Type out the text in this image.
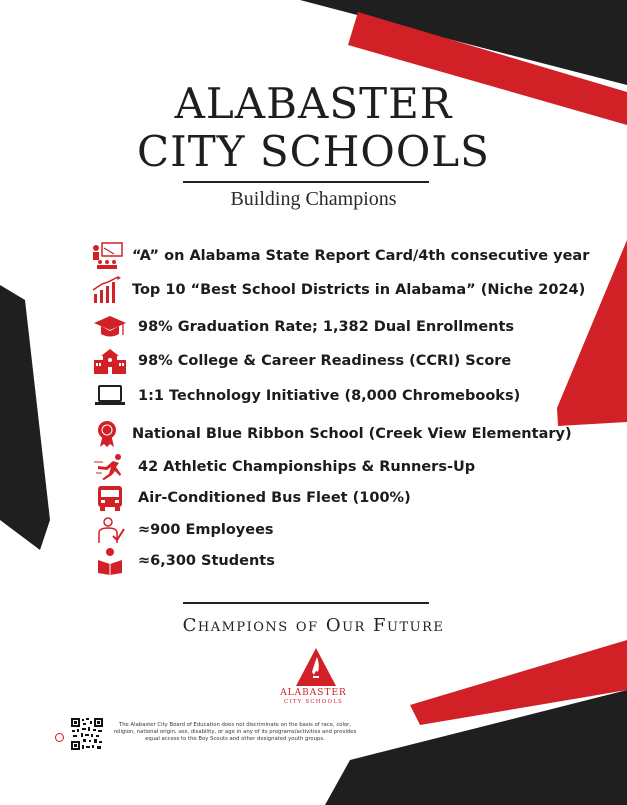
ALABASTER
CITY SCHOOLS
Building Champions
“A” on Alabama State Report Card/4th consecutive year
Top 10 “Best School Districts in Alabama” (Niche 2024)
98% Graduation Rate; 1,382 Dual Enrollments
98% College & Career Readiness (CCRI) Score
1:1 Technology Initiative (8,000 Chromebooks)
National Blue Ribbon School (Creek View Elementary)
42 Athletic Championships & Runners-Up
Air-Conditioned Bus Fleet (100%)
≈900 Employees
≈6,300 Students
Champions of Our Future
ALABASTER
CITY SCHOOLS
The Alabaster City Board of Education does not discriminate on the basis of race, color, religion, national origin, sex, disability, or age in any of its programs/activities and provides equal access to the Boy Scouts and other designated youth groups.
